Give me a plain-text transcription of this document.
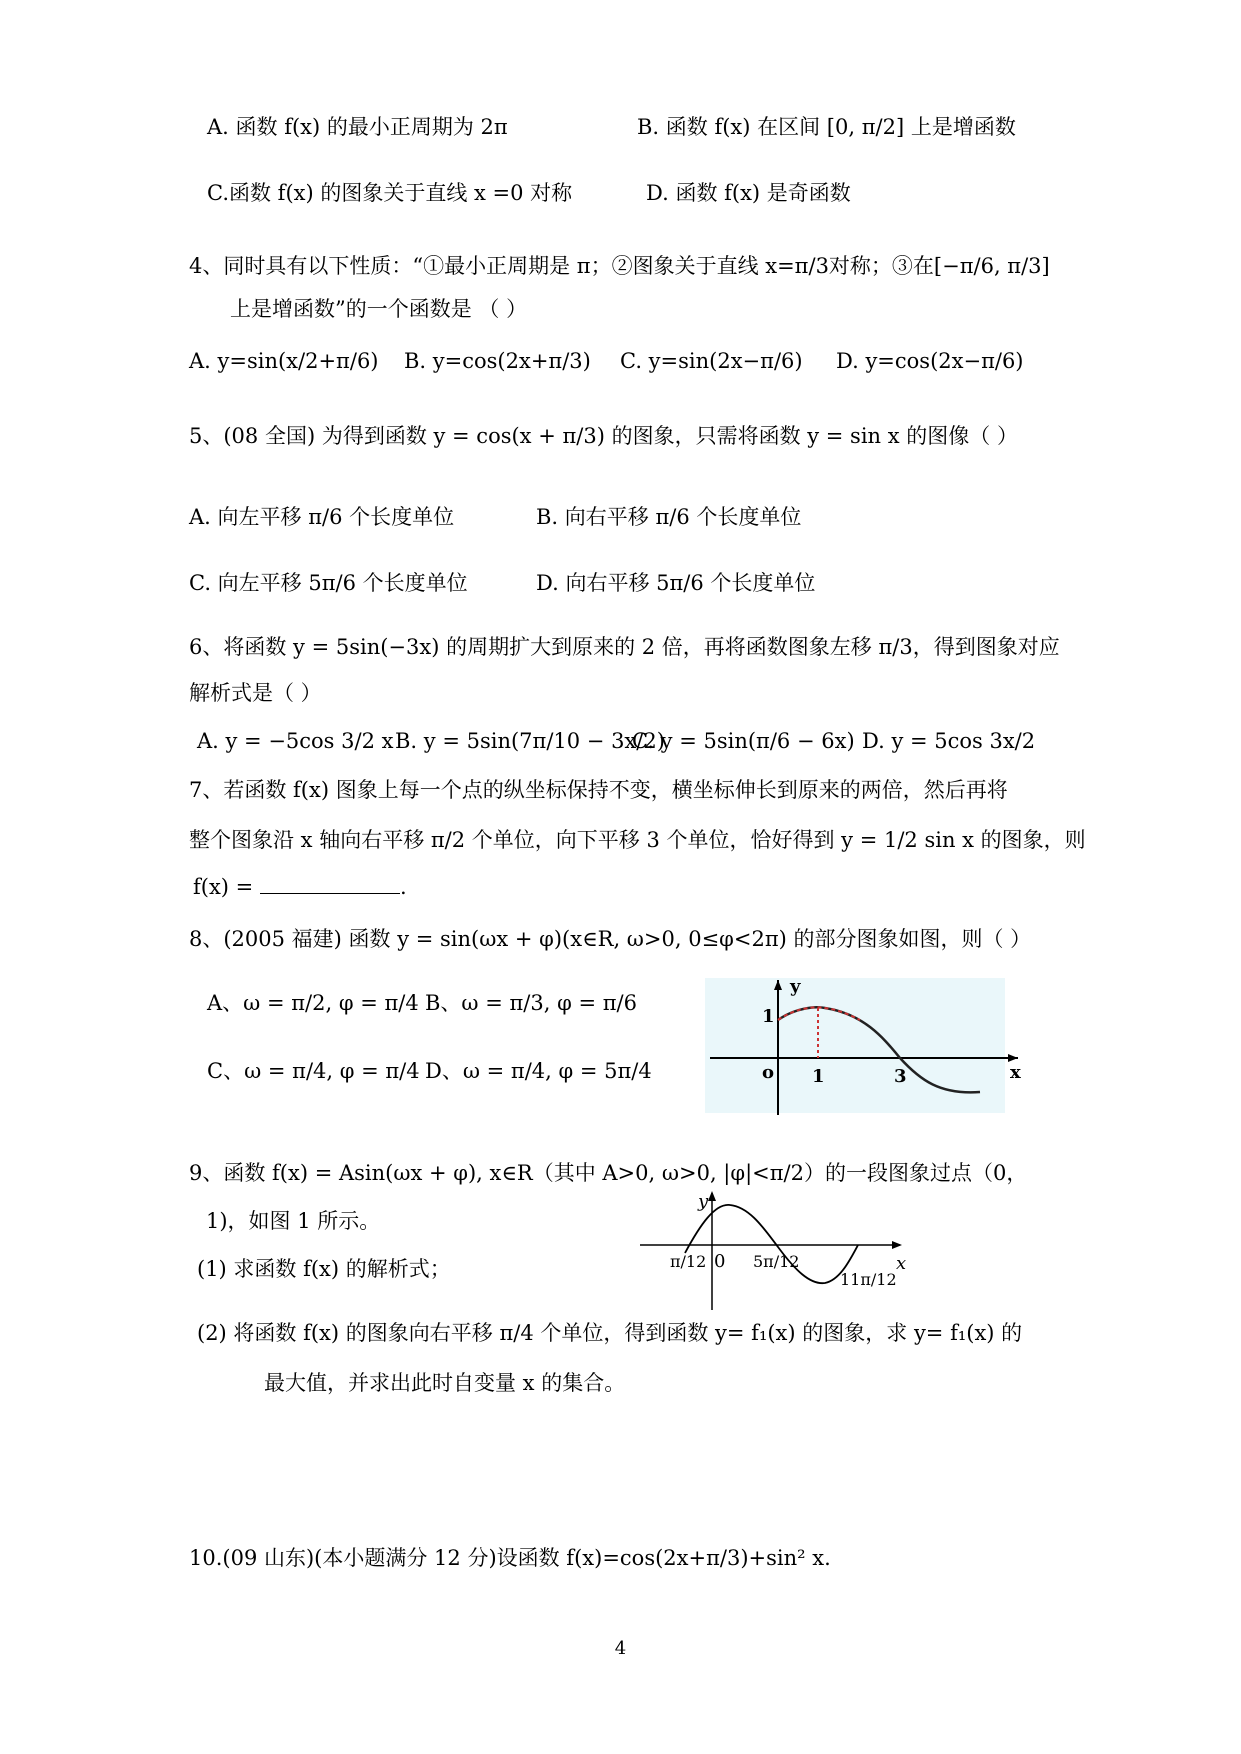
A. 函数 f(x) 的最小正周期为 2π	B. 函数 f(x) 在区间 [0, π/2] 上是增函数
C.函数 f(x) 的图象关于直线 x =0 对称	D. 函数 f(x) 是奇函数
4、同时具有以下性质：“①最小正周期是 π；②图象关于直线 x=π/3对称；③在[−π/6, π/3]
上是增函数”的一个函数是 （ ）
A. y=sin(x/2+π/6) B. y=cos(2x+π/3) C. y=sin(2x−π/6) D. y=cos(2x−π/6)
5、(08 全国) 为得到函数 y = cos(x + π/3) 的图象，只需将函数 y = sin x 的图像（ ）
A. 向左平移 π/6 个长度单位	B. 向右平移 π/6 个长度单位
C. 向左平移 5π/6 个长度单位	D. 向右平移 5π/6 个长度单位
6、将函数 y = 5sin(−3x) 的周期扩大到原来的 2 倍，再将函数图象左移 π/3，得到图象对应
解析式是（ ）
A. y = −5cos 3/2 x B. y = 5sin(7π/10 − 3x/2)
C. y = 5sin(π/6 − 6x) D. y = 5cos 3x/2
7、若函数 f(x) 图象上每一个点的纵坐标保持不变，横坐标伸长到原来的两倍，然后再将
整个图象沿 x 轴向右平移 π/2 个单位，向下平移 3 个单位，恰好得到 y = 1/2 sin x 的图象，则
f(x) =	.
8、(2005 福建) 函数 y = sin(ωx + φ)(x∈R, ω>0, 0≤φ<2π) 的部分图象如图，则（ ）
A、ω = π/2, φ = π/4 B、ω = π/3, φ = π/6
C、ω = π/4, φ = π/4 D、ω = π/4, φ = 5π/4
y
x
o
1
1	3
9、函数 f(x) = Asin(ωx + φ), x∈R（其中 A>0, ω>0, |φ|<π/2）的一段图象过点（0，
1)，如图 1 所示。
(1) 求函数 f(x) 的解析式；
(2) 将函数 f(x) 的图象向右平移 π/4 个单位，得到函数 y= f₁(x) 的图象，求 y= f₁(x) 的
最大值，并求出此时自变量 x 的集合。
y
x
0
π/12	5π/12
11π/12
10.(09 山东)(本小题满分 12 分)设函数 f(x)=cos(2x+π/3)+sin² x.
4
